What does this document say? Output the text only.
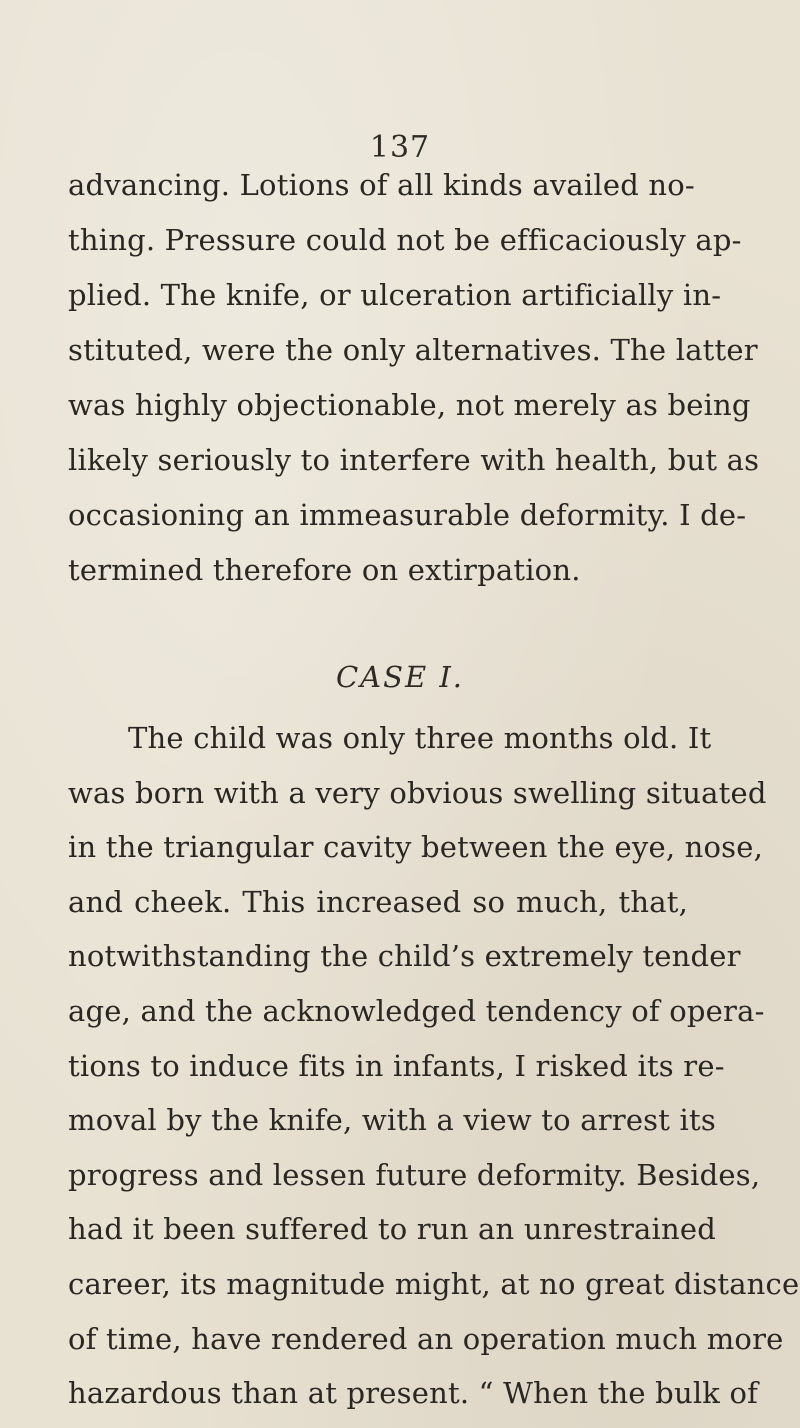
137
advancing. Lotions of all kinds availed no-
thing. Pressure could not be efficaciously ap-
plied. The knife, or ulceration artificially in-
stituted, were the only alternatives. The latter
was highly objectionable, not merely as being
likely seriously to interfere with health, but as
occasioning an immeasurable deformity. I de-
termined therefore on extirpation.
CASE I.
The child was only three months old. It
was born with a very obvious swelling situated
in the triangular cavity between the eye, nose,
and cheek. This increased so much, that,
notwithstanding the child’s extremely tender
age, and the acknowledged tendency of opera-
tions to induce fits in infants, I risked its re-
moval by the knife, with a view to arrest its
progress and lessen future deformity. Besides,
had it been suffered to run an unrestrained
career, its magnitude might, at no great distance
of time, have rendered an operation much more
hazardous than at present. “ When the bulk of
